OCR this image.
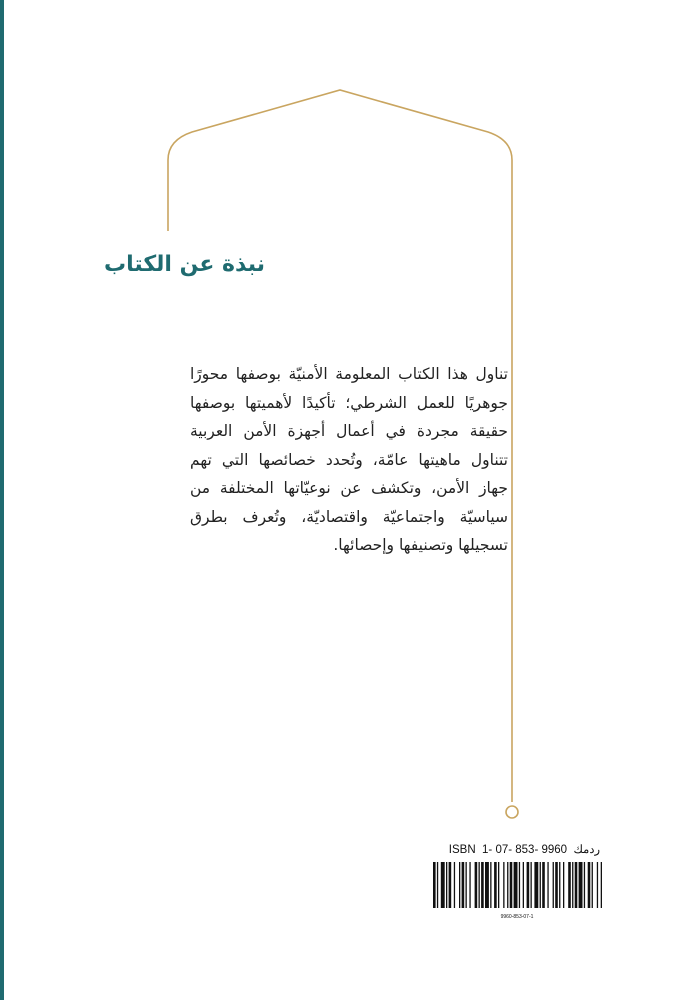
نبذة عن الكتاب

تناول هذا الكتاب المعلومة الأمنيّة بوصفها محورًا جوهريًا للعمل الشرطي؛ تأكيدًا لأهميتها بوصفها حقيقة مجردة في أعمال أجهزة الأمن العربية تتناول ماهيتها عامّة، وتُحدد خصائصها التي تهم جهاز الأمن، وتكشف عن نوعيّاتها المختلفة من سياسيّة واجتماعيّة واقتصاديّة، وتُعرف بطرق تسجيلها وتصنيفها وإحصائها.

ISBN 1- 07- 853- 9960 ردمك
9960-853-07-1
